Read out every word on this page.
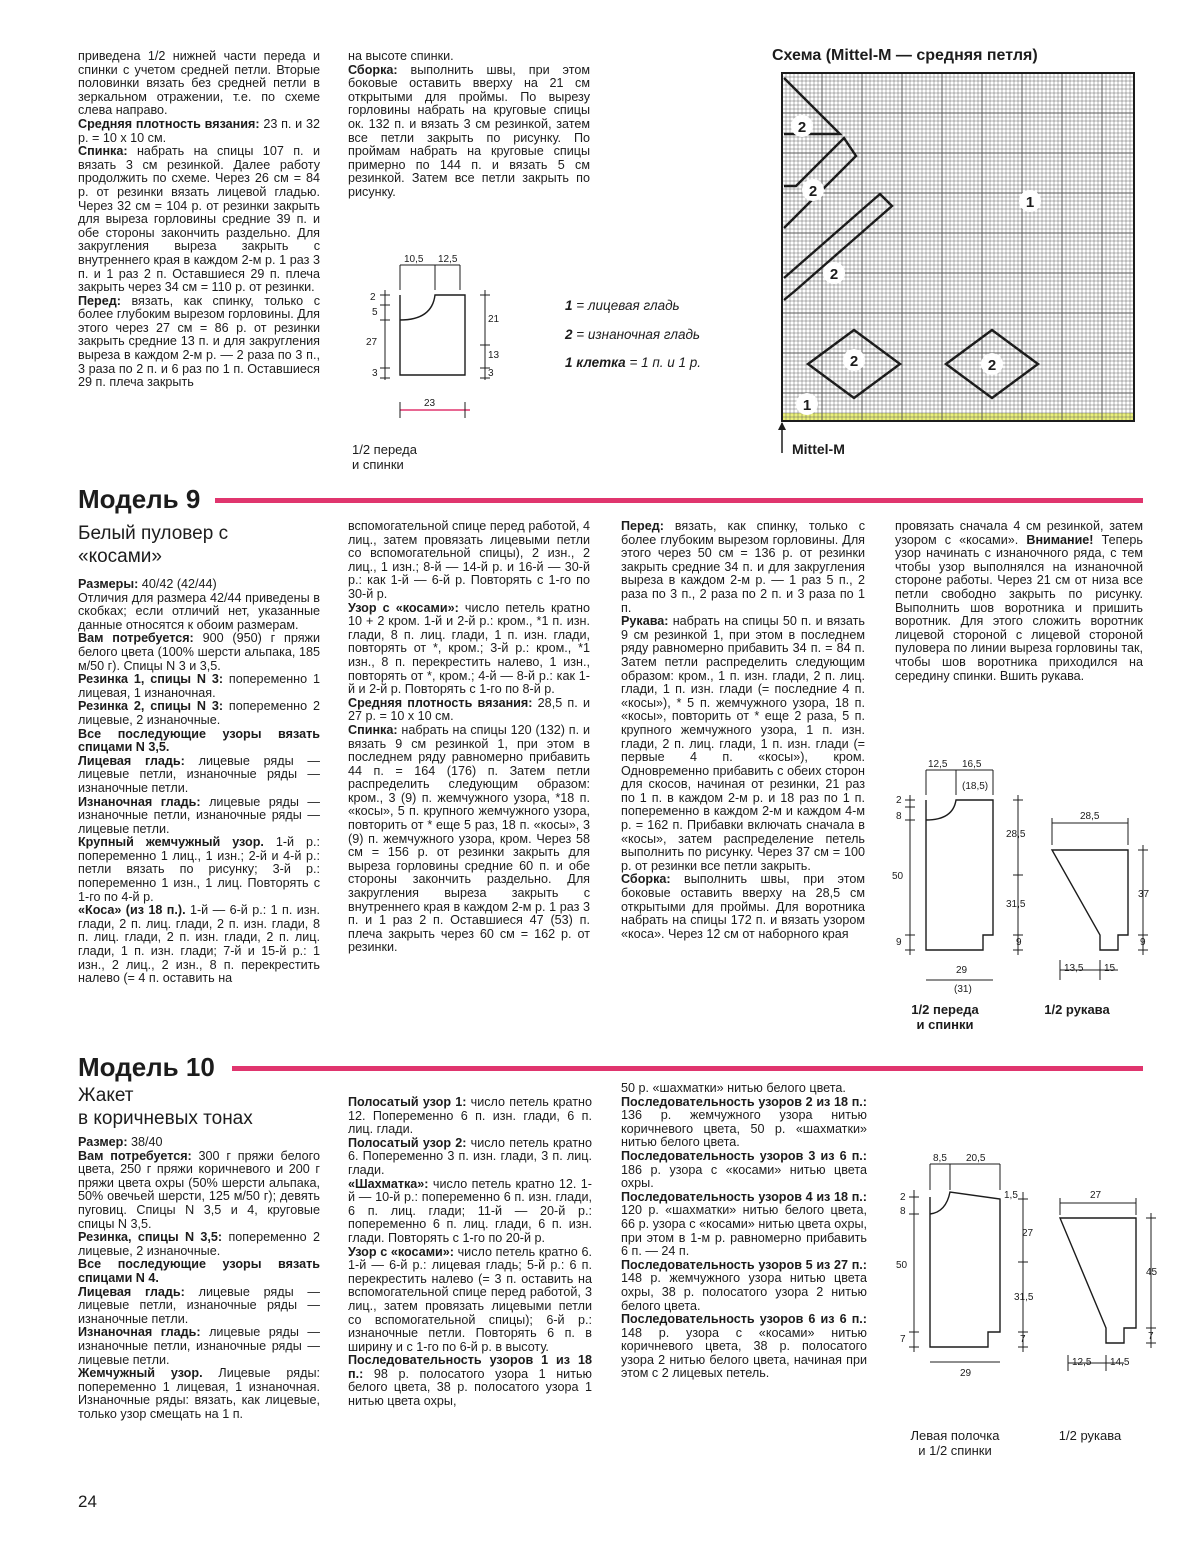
приведена 1/2 нижней части переда и спинки с учетом средней петли. Вторые половинки вязать без средней петли в зеркальном отражении, т.е. по схеме слева направо.

Средняя плотность вязания: 23 п. и 32 р. = 10 х 10 см.

Спинка: набрать на спицы 107 п. и вязать 3 см резинкой. Далее работу продолжить по схеме. Через 26 см = 84 р. от резинки вязать лицевой гладью. Через 32 см = 104 р. от резинки закрыть для выреза горловины средние 39 п. и обе стороны закончить раздельно. Для закругления выреза закрыть с внутреннего края в каждом 2-м р. 1 раз 3 п. и 1 раз 2 п. Оставшиеся 29 п. плеча закрыть через 34 см = 110 р. от резинки.

Перед: вязать, как спинку, только с более глубоким вырезом горловины. Для этого через 27 см = 86 р. от резинки закрыть средние 13 п. и для закругления выреза в каждом 2-м р. — 2 раза по 3 п., 3 раза по 2 п. и 6 раз по 1 п. Оставшиеся 29 п. плеча закрыть

на высоте спинки.

Сборка: выполнить швы, при этом боковые оставить вверху на 21 см открытыми для проймы. По вырезу горловины набрать на круговые спицы ок. 132 п. и вязать 3 см резинкой, затем все петли закрыть по рисунку. По проймам набрать на круговые спицы примерно по 144 п. и вязать 5 см резинкой. Затем все петли закрыть по рисунку.

10,5 12,5
2
5
27
3
21
13
3
23
1/2 переда
и спинки
1 = лицевая гладь
2 = изнаночная гладь
1 клетка = 1 п. и 1 р.
Схема (Mittel-M — средняя петля)
2
2
2
1
2	2
1
Mittel-M
Модель 9
Белый пуловер с «косами»

Размеры: 40/42 (42/44)

Отличия для размера 42/44 приведены в скобках; если отличий нет, указанные данные относятся к обоим размерам.

Вам потребуется: 900 (950) г пряжи белого цвета (100% шерсти альпака, 185 м/50 г). Спицы N 3 и 3,5.

Резинка 1, спицы N 3: попеременно 1 лицевая, 1 изнаночная.

Резинка 2, спицы N 3: попеременно 2 лицевые, 2 изнаночные.

Все последующие узоры вязать спицами N 3,5.

Лицевая гладь: лицевые ряды — лицевые петли, изнаночные ряды — изнаночные петли.

Изнаночная гладь: лицевые ряды — изнаночные петли, изнаночные ряды — лицевые петли.

Крупный жемчужный узор. 1-й р.: попеременно 1 лиц., 1 изн.; 2-й и 4-й р.: петли вязать по рисунку; 3-й р.: попеременно 1 изн., 1 лиц. Повторять с 1-го по 4-й р.

«Коса» (из 18 п.). 1-й — 6-й р.: 1 п. изн. глади, 2 п. лиц. глади, 2 п. изн. глади, 8 п. лиц. глади, 2 п. изн. глади, 2 п. лиц. глади, 1 п. изн. глади; 7-й и 15-й р.: 1 изн., 2 лиц., 2 изн., 8 п. перекрестить налево (= 4 п. оставить на

вспомогательной спице перед работой, 4 лиц., затем провязать лицевыми петли со вспомогательной спицы), 2 изн., 2 лиц., 1 изн.; 8-й — 14-й р. и 16-й — 30-й р.: как 1-й — 6-й р. Повторять с 1-го по 30-й р.

Узор с «косами»: число петель кратно 10 + 2 кром. 1-й и 2-й р.: кром., *1 п. изн. глади, 8 п. лиц. глади, 1 п. изн. глади, повторять от *, кром.; 3-й р.: кром., *1 изн., 8 п. перекрестить налево, 1 изн., повторять от *, кром.; 4-й — 8-й р.: как 1-й и 2-й р. Повторять с 1-го по 8-й р.

Средняя плотность вязания: 28,5 п. и 27 р. = 10 х 10 см.

Спинка: набрать на спицы 120 (132) п. и вязать 9 см резинкой 1, при этом в последнем ряду равномерно прибавить 44 п. = 164 (176) п. Затем петли распределить следующим образом: кром., 3 (9) п. жемчужного узора, *18 п. «косы», 5 п. крупного жемчужного узора, повторить от * еще 5 раз, 18 п. «косы», 3 (9) п. жемчужного узора, кром. Через 58 см = 156 р. от резинки закрыть для выреза горловины средние 60 п. и обе стороны закончить раздельно. Для закругления выреза закрыть с внутреннего края в каждом 2-м р. 1 раз 3 п. и 1 раз 2 п. Оставшиеся 47 (53) п. плеча закрыть через 60 см = 162 р. от резинки.

Перед: вязать, как спинку, только с более глубоким вырезом горловины. Для этого через 50 см = 136 р. от резинки закрыть средние 34 п. и для закругления выреза в каждом 2-м р. — 1 раз 5 п., 2 раза по 3 п., 2 раза по 2 п. и 3 раза по 1 п.

Рукава: набрать на спицы 50 п. и вязать 9 см резинкой 1, при этом в последнем ряду равномерно прибавить 34 п. = 84 п. Затем петли распределить следующим образом: кром., 1 п. изн. глади, 2 п. лиц. глади, 1 п. изн. глади (= последние 4 п. «косы»), * 5 п. жемчужного узора, 18 п. «косы», повторить от * еще 2 раза, 5 п. крупного жемчужного узора, 1 п. изн. глади, 2 п. лиц. глади, 1 п. изн. глади (= первые 4 п. «косы»), кром. Одновременно прибавить с обеих сторон для скосов, начиная от резинки, 21 раз по 1 п. в каждом 2-м р. и 18 раз по 1 п. попеременно в каждом 2-м и каждом 4-м р. = 162 п. Прибавки включать сначала в «косы», затем распределение петель выполнить по рисунку. Через 37 см = 100 р. от резинки все петли закрыть.

Сборка: выполнить швы, при этом боковые оставить вверху на 28,5 см открытыми для проймы. Для воротника набрать на спицы 172 п. и вязать узором «коса». Через 12 см от наборного края

провязать сначала 4 см резинкой, затем узором с «косами». Внимание! Теперь узор начинать с изнаночного ряда, с тем чтобы узор выполнялся на изнаночной стороне работы. Через 21 см от низа все петли свободно закрыть по рисунку. Выполнить шов воротника и пришить воротник. Для этого сложить воротник лицевой стороной с лицевой стороной пуловера по линии выреза горловины так, чтобы шов воротника приходился на середину спинки. Вшить рукава.

12,5 16,5
(18,5)
2
8
28,5
50
31,5
9	9
29
(31)
28,5
37
9
13,5 15
1/2 переда
и спинки
1/2 рукава
Модель 10
Жакет
в коричневых тонах

Размер: 38/40

Вам потребуется: 300 г пряжи белого цвета, 250 г пряжи коричневого и 200 г пряжи цвета охры (50% шерсти альпака, 50% овечьей шерсти, 125 м/50 г); девять пуговиц. Спицы N 3,5 и 4, круговые спицы N 3,5.

Резинка, спицы N 3,5: попеременно 2 лицевые, 2 изнаночные.

Все последующие узоры вязать спицами N 4.

Лицевая гладь: лицевые ряды — лицевые петли, изнаночные ряды — изнаночные петли.

Изнаночная гладь: лицевые ряды — изнаночные петли, изнаночные ряды — лицевые петли.

Жемчужный узор. Лицевые ряды: попеременно 1 лицевая, 1 изнаночная. Изнаночные ряды: вязать, как лицевые, только узор смещать на 1 п.

Полосатый узор 1: число петель кратно 12. Попеременно 6 п. изн. глади, 6 п. лиц. глади.

Полосатый узор 2: число петель кратно 6. Попеременно 3 п. изн. глади, 3 п. лиц. глади.

«Шахматка»: число петель кратно 12. 1-й — 10-й р.: попеременно 6 п. изн. глади, 6 п. лиц. глади; 11-й — 20-й р.: попеременно 6 п. лиц. глади, 6 п. изн. глади. Повторять с 1-го по 20-й р.

Узор с «косами»: число петель кратно 6. 1-й — 6-й р.: лицевая гладь; 5-й р.: 6 п. перекрестить налево (= 3 п. оставить на вспомогательной спице перед работой, 3 лиц., затем провязать лицевыми петли со вспомогательной спицы); 6-й р.: изнаночные петли. Повторять 6 п. в ширину и с 1-го по 6-й р. в высоту.

Последовательность узоров 1 из 18 п.: 98 р. полосатого узора 1 нитью белого цвета, 38 р. полосатого узора 1 нитью цвета охры,

50 р. «шахматки» нитью белого цвета.

Последовательность узоров 2 из 18 п.: 136 р. жемчужного узора нитью коричневого цвета, 50 р. «шахматки» нитью белого цвета.

Последовательность узоров 3 из 6 п.: 186 р. узора с «косами» нитью цвета охры.

Последовательность узоров 4 из 18 п.: 120 р. «шахматки» нитью белого цвета, 66 р. узора с «косами» нитью цвета охры, при этом в 1-м р. равномерно прибавить 6 п. — 24 п.

Последовательность узоров 5 из 27 п.: 148 р. жемчужного узора нитью цвета охры, 38 р. полосатого узора 2 нитью белого цвета.

Последовательность узоров 6 из 6 п.: 148 р. узора с «косами» нитью коричневого цвета, 38 р. полосатого узора 2 нитью белого цвета, начиная при этом с 2 лицевых петель.

8,5 20,5
1,5
2
8
27
50
31,5
7	7
29
27
45
7
12,5 14,5
Левая полочка
и 1/2 спинки
1/2 рукава
24
